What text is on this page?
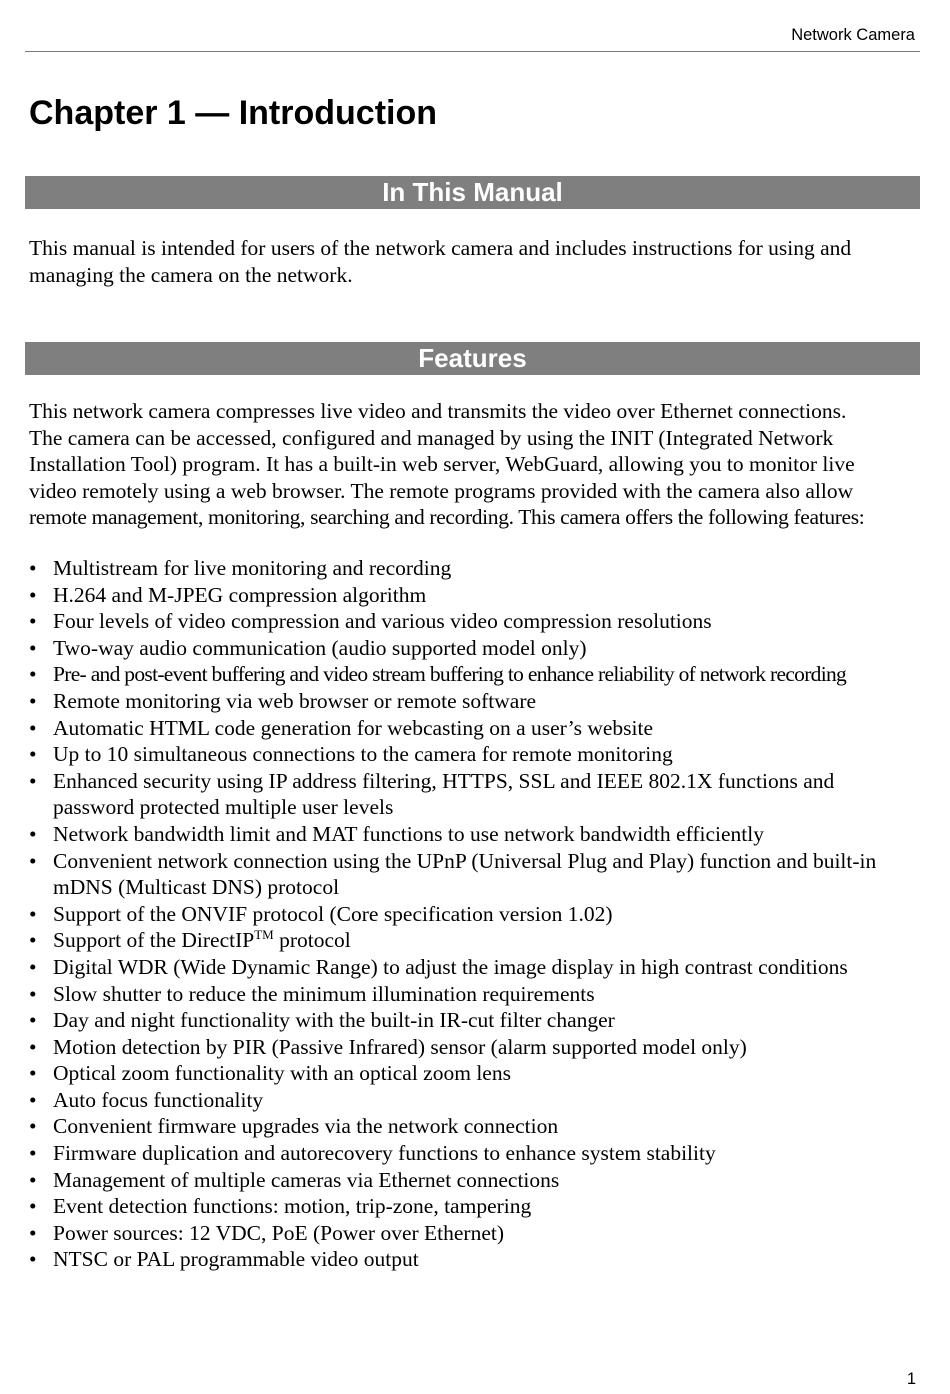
Network Camera
Chapter 1 — Introduction
In This Manual

This manual is intended for users of the network camera and includes instructions for using and managing the camera on the network.

Features

This network camera compresses live video and transmits the video over Ethernet connections.
The camera can be accessed, configured and managed by using the INIT (Integrated Network
Installation Tool) program. It has a built-in web server, WebGuard, allowing you to monitor live
video remotely using a web browser. The remote programs provided with the camera also allow
remote management, monitoring, searching and recording. This camera offers the following features:

• Multistream for live monitoring and recording
• H.264 and M-JPEG compression algorithm
• Four levels of video compression and various video compression resolutions
• Two-way audio communication (audio supported model only)
• Pre- and post-event buffering and video stream buffering to enhance reliability of network recording
• Remote monitoring via web browser or remote software
• Automatic HTML code generation for webcasting on a user’s website
• Up to 10 simultaneous connections to the camera for remote monitoring
• Enhanced security using IP address filtering, HTTPS, SSL and IEEE 802.1X functions and password protected multiple user levels
• Network bandwidth limit and MAT functions to use network bandwidth efficiently
• Convenient network connection using the UPnP (Universal Plug and Play) function and built-in mDNS (Multicast DNS) protocol
• Support of the ONVIF protocol (Core specification version 1.02)
• Support of the DirectIP™ protocol
• Digital WDR (Wide Dynamic Range) to adjust the image display in high contrast conditions
• Slow shutter to reduce the minimum illumination requirements
• Day and night functionality with the built-in IR-cut filter changer
• Motion detection by PIR (Passive Infrared) sensor (alarm supported model only)
• Optical zoom functionality with an optical zoom lens
• Auto focus functionality
• Convenient firmware upgrades via the network connection
• Firmware duplication and autorecovery functions to enhance system stability
• Management of multiple cameras via Ethernet connections
• Event detection functions: motion, trip-zone, tampering
• Power sources: 12 VDC, PoE (Power over Ethernet)
• NTSC or PAL programmable video output
1
